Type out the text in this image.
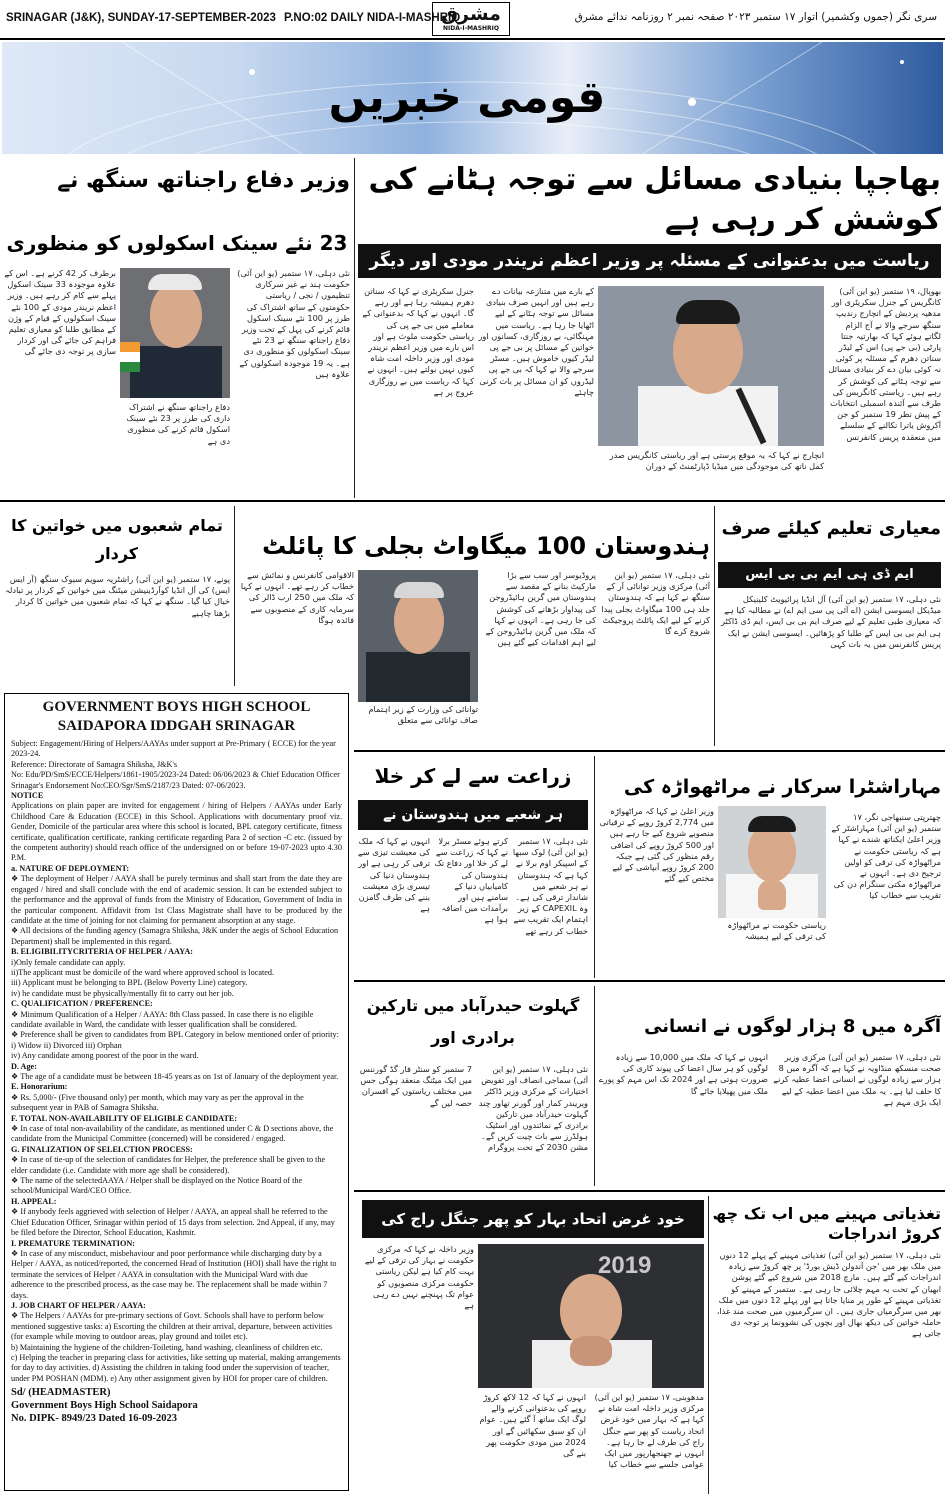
SRINAGAR (J&K), SUNDAY-17-SEPTEMBER-2023 P.NO:02 DAILY NIDA-I-MASHRIQ
مشرق
NIDA-I-MASHRIQ
سری نگر (جموں وکشمیر) اتوار ۱۷ ستمبر ۲۰۲۳ صفحہ نمبر ۲ روزنامہ ندائے مشرق
قومی خبریں
بھاجپا بنیادی مسائل سے توجہ ہٹانے کی کوشش کر رہی ہے
ریاست میں بدعنوانی کے مسئلہ پر وزیر اعظم نریندر مودی اور دیگر
بھوپال، ۱۹ ستمبر (یو این آئی) کانگریس کے جنرل سکریٹری اور مدھیہ پردیش کے انچارج رندیپ سنگھ سرجے والا نے آج الزام لگاتے ہوئے کہا کہ بھارتیہ جنتا پارٹی (بی جے پی) اس کے لیڈر سناتن دھرم کے مسئلہ پر کوئی نہ کوئی بیان دے کر بنیادی مسائل سے توجہ ہٹانے کی کوشش کر رہے ہیں۔ ریاستی کانگریس کی طرف سے آئندہ اسمبلی انتخابات کے پیش نظر 19 ستمبر کو جن آکروش یاترا نکالنے کے سلسلے میں منعقدہ پریس کانفرنس
انچارج نے کہا کہ یہ موقع پرستی ہے اور ریاستی کانگریس صدر کمل ناتھ کی موجودگی میں میڈیا ڈپارٹمنٹ کے دوران
کے بارے میں متنازعہ بیانات دے رہے ہیں اور انہیں صرف بنیادی مسائل سے توجہ ہٹانے کے لیے اٹھایا جا رہا ہے۔ ریاست میں مہنگائی، بے روزگاری، کسانوں اور خواتین کے مسائل پر بی جے پی لیڈر کیوں خاموش ہیں۔ مسٹر سرجے والا نے کہا کہ بی جے پی لیڈروں کو ان مسائل پر بات کرنی چاہئے
جنرل سکریٹری نے کہا کہ سناتن دھرم ہمیشہ رہا ہے اور رہے گا۔ انہوں نے کہا کہ بدعنوانی کے معاملے میں بی جے پی کی ریاستی حکومت ملوث ہے اور اس بارے میں وزیر اعظم نریندر مودی اور وزیر داخلہ امت شاہ کیوں نہیں بولتے ہیں۔ انہوں نے کہا کہ ریاست میں بے روزگاری عروج پر ہے
وزیر دفاع راجناتھ سنگھ نے
23 نئے سینک اسکولوں کو منظوری
نئی دہلی، ۱۷ ستمبر (یو این آئی) حکومت ہند نے غیر سرکاری تنظیموں / نجی / ریاستی حکومتوں کے ساتھ اشتراک کی طرز پر 100 نئے سینک اسکول قائم کرنے کی پہل کے تحت وزیر دفاع راجناتھ سنگھ نے 23 نئے سینک اسکولوں کو منظوری دی ہے۔ یہ 19 موجودہ اسکولوں کے علاوہ ہیں
دفاع راجناتھ سنگھ نے اشتراک داری کی طرز پر 23 نئے سینک اسکول قائم کرنے کی منظوری دی ہے
برطرف کر 42 کرنے ہے۔ اس کے علاوہ موجودہ 33 سینک اسکول پہلے سے کام کر رہے ہیں۔ وزیر اعظم نریندر مودی کے 100 نئے سینک اسکولوں کے قیام کے وژن کے مطابق طلبا کو معیاری تعلیم فراہم کی جائے گی اور کردار سازی پر توجہ دی جائے گی
تمام شعبوں میں خواتین کا کردار
پونے، ۱۷ ستمبر (یو این آئی) راشٹریہ سویم سیوک سنگھ (آر ایس ایس) کی آل انڈیا کوآرڈینیشن میٹنگ میں خواتین کے کردار پر تبادلہ خیال کیا گیا۔ سنگھ نے کہا کہ تمام شعبوں میں خواتین کا کردار بڑھنا چاہیے
ہندوستان 100 میگاواٹ بجلی کا پائلٹ
نئی دہلی، ۱۷ ستمبر (یو این آئی) مرکزی وزیر توانائی آر کے سنگھ نے کہا ہے کہ ہندوستان جلد ہی 100 میگاواٹ بجلی پیدا کرنے کے لیے ایک پائلٹ پروجیکٹ شروع کرے گا
پروڈیوسر اور سب سے بڑا مارکیٹ بنانے کے مقصد سے ہندوستان میں گرین ہائیڈروجن کی پیداوار بڑھانے کی کوشش کی جا رہی ہے۔ انہوں نے کہا کہ ملک میں گرین ہائیڈروجن کے لیے اہم اقدامات کیے گئے ہیں
الاقوامی کانفرنس و نمائش سے خطاب کر رہے تھے۔ انہوں نے کہا کہ ملک میں 250 ارب ڈالر کی سرمایہ کاری کے منصوبوں سے فائدہ ہوگا
توانائی کی وزارت کے زیر اہتمام صاف توانائی سے متعلق
معیاری تعلیم کیلئے صرف
ایم ڈی ہی ایم بی بی ایس
نئی دہلی، ۱۷ ستمبر (یو این آئی) آل انڈیا پرائیویٹ کلینیکل میڈیکل ایسوسی ایشن (اے آئی پی سی ایم اے) نے مطالبہ کیا ہے کہ معیاری طبی تعلیم کے لیے صرف ایم بی بی ایس، ایم ڈی ڈاکٹر ہی ایم بی بی ایس کے طلبا کو پڑھائیں۔ ایسوسی ایشن نے ایک پریس کانفرنس میں یہ بات کہی
GOVERNMENT BOYS HIGH SCHOOL
SAIDAPORA IDDGAH SRINAGAR
Subject: Engagement/Hiring of Helpers/AAYAs under support at Pre-Primary ( ECCE) for the year 2023-24.
Reference: Directorate of Samagra Shiksha, J&K's
No: Edu/PD/SmS/ECCE/Helpers/1861-1905/2023-24 Dated: 06/06/2023 & Chief Education Officer Srinagar's Endorsement No:CEO/Sgr/SmS/2187/23 Dated: 07-06/2023.
NOTICE
Applications on plain paper are invited for engagement / hiring of Helpers / AAYAs under Early Childhood Care & Education (ECCE) in this School. Applications with documentary proof viz. Gender, Domicile of the particular area where this school is located, BPL category certificate, fitness certificate, qualification certificate, ranking certificate regarding Para 2 of section -C etc. (issued by the competent authority) should reach office of the undersigned on or before 19-07-2023 upto 4.30 P.M.
a. NATURE OF DEPLOYMENT:
❖ The deployment of Helper / AAYA shall be purely terminus and shall start from the date they are engaged / hired and shall conclude with the end of academic session. It can be extended subject to the performance and the approval of funds from the Ministry of Education, Government of India in the particular component. Affidavit from 1st Class Magistrate shall have to be produced by the candidate at the time of joining for not claiming for permanent absorption at any stage.
❖ All decisions of the funding agency (Samagra Shiksha, J&K under the aegis of School Education Department) shall be implemented in this regard.
B. ELIGIBILITYCRITERIA OF HELPER / AAYA:
i)Only female candidate can apply.
ii)The applicant must be domicile of the ward where approved school is located.
iii) Applicant must be belonging to BPL (Below Poverty Line) category.
iv) he candidate must be physically/mentally fit to carry out her job.
C. QUALIFICATION / PREFERENCE:
❖ Minimum Qualification of a Helper / AAYA: 8th Class passed. In case there is no eligible candidate available in Ward, the candidate with lesser qualification shall be considered.
❖ Preference shall be given to candidates from BPL Category in below mentioned order of priority:
i) Widow ii) Divorced iii) Orphan
iv) Any candidate among poorest of the poor in the ward.
D. Age:
❖ The age of a candidate must be between 18-45 years as on 1st of January of the deployment year.
E. Honorarium:
❖ Rs. 5,000/- (Five thousand only) per month, which may vary as per the approval in the subsequent year in PAB of Samagra Shiksha.
F. TOTAL NON-AVAILABILITY OF ELIGIBLE CANDIDATE:
❖ In case of total non-availability of the candidate, as mentioned under C & D sections above, the candidate from the Municipal Committee (concerned) will be considered / engaged.
G. FINALIZATION OF SELELCTION PROCESS:
❖ In case of tie-up of the selection of candidates for Helper, the preference shall be given to the elder candidate (i.e. Candidate with more age shall be considered).
❖ The name of the selectedAAYA / Helper shall be displayed on the Notice Board of the school/Municipal Ward/CEO Office.
H. APPEAL:
❖ If anybody feels aggrieved with selection of Helper / AAYA, an appeal shall be referred to the Chief Education Officer, Srinagar within period of 15 days from selection. 2nd Appeal, if any, may be filed before the Director, School Education, Kashmir.
I. PREMATURE TERMINATION:
❖ In case of any misconduct, misbehaviour and poor performance while discharging duty by a Helper / AAYA, as noticed/reported, the concerned Head of Institution (HOI) shall have the right to terminate the services of Helper / AAYA in consultation with the Municipal Ward with due adherence to the prescribed process, as the case may be. The replacement shall be made within 7 days.
J. JOB CHART OF HELPER / AAYA:
❖ The Helpers / AAYAs for pre-primary sections of Govt. Schools shall have to perform below mentioned suggestive tasks: a) Escorting the children at their arrival, departure, between activities (for example while moving to outdoor areas, play ground and toilet etc).
b) Maintaining the hygiene of the children-Toileting, hand washing, cleanliness of children etc.
c) Helping the teacher in preparing class for activities, like setting up material, making arrangements for day to day activities. d) Assisting the children in taking food under the supervision of teacher, under PM POSHAN (MDM). e) Any other assignment given by HOI for proper care of children.
Sd/ (HEADMASTER)
Government Boys High School Saidapora
No. DIPK- 8949/23 Dated 16-09-2023
زراعت سے لے کر خلا
ہر شعبے میں ہندوستان نے
نئی دہلی، ۱۷ ستمبر (یو این آئی) لوک سبھا کے اسپیکر اوم برلا نے کہا ہے کہ ہندوستان نے ہر شعبے میں شاندار ترقی کی ہے۔ وہ CAPEXIL کے زیر اہتمام ایک تقریب سے خطاب کر رہے تھے
کرتے ہوئے مسٹر برلا نے کہا کہ زراعت سے لے کر خلا اور دفاع تک ہندوستان کی کامیابیاں دنیا کے سامنے ہیں اور برآمدات میں اضافہ ہوا ہے
انہوں نے کہا کہ ملک کی معیشت تیزی سے ترقی کر رہی ہے اور ہندوستان دنیا کی تیسری بڑی معیشت بننے کی طرف گامزن ہے
مہاراشٹرا سرکار نے مراٹھواڑہ کی
چھترپتی سنبھاجی نگر، ۱۷ ستمبر (یو این آئی) مہاراشٹر کے وزیر اعلیٰ ایکناتھ شندے نے کہا ہے کہ ریاستی حکومت نے مراٹھواڑہ کی ترقی کو اولین ترجیح دی ہے۔ انہوں نے مراٹھواڑہ مکتی سنگرام دن کی تقریب سے خطاب کیا
ریاستی حکومت نے مراٹھواڑہ کی ترقی کے لیے ہمیشہ
وزیر اعلیٰ نے کہا کہ مراٹھواڑہ میں 2,774 کروڑ روپے کے ترقیاتی منصوبے شروع کیے جا رہے ہیں اور 500 کروڑ روپے کی اضافی رقم منظور کی گئی ہے جبکہ 200 کروڑ روپے آبپاشی کے لیے مختص کیے گئے
گہلوت حیدرآباد میں تارکین برادری اور
نئی دہلی، ۱۷ ستمبر (یو این آئی) سماجی انصاف اور تفویض اختیارات کے مرکزی وزیر ڈاکٹر ویریندر کمار اور گورنر تھاور چند گہلوت حیدرآباد میں تارکین برادری کے نمائندوں اور اسٹیک ہولڈرز سے بات چیت کریں گے۔ مشن 2030 کے تحت پروگرام
7 ستمبر کو سنٹر فار گڈ گورننس میں ایک میٹنگ منعقد ہوگی جس میں مختلف ریاستوں کے افسران حصہ لیں گے
آگرہ میں 8 ہزار لوگوں نے انسانی
نئی دہلی، ۱۷ ستمبر (یو این آئی) مرکزی وزیر صحت منسکھ منڈاویہ نے کہا ہے کہ آگرہ میں 8 ہزار سے زیادہ لوگوں نے انسانی اعضا عطیہ کرنے کا حلف لیا ہے۔ یہ ملک میں اعضا عطیہ کے لیے ایک بڑی مہم ہے
انہوں نے کہا کہ ملک میں 10,000 سے زیادہ لوگوں کو ہر سال اعضا کی پیوند کاری کی ضرورت ہوتی ہے اور 2024 تک اس مہم کو پورے ملک میں پھیلایا جائے گا
خود غرض اتحاد بہار کو پھر جنگل راج کی
2019
مدھوبنی، ۱۷ ستمبر (یو این آئی) مرکزی وزیر داخلہ امت شاہ نے کہا ہے کہ بہار میں خود غرض اتحاد ریاست کو پھر سے جنگل راج کی طرف لے جا رہا ہے۔ انہوں نے جھنجھارپور میں ایک عوامی جلسے سے خطاب کیا
انہوں نے کہا کہ 12 لاکھ کروڑ روپے کی بدعنوانی کرنے والے لوگ ایک ساتھ آ گئے ہیں۔ عوام ان کو سبق سکھائیں گے اور 2024 میں مودی حکومت پھر بنے گی
وزیر داخلہ نے کہا کہ مرکزی حکومت نے بہار کی ترقی کے لیے بہت کام کیا ہے لیکن ریاستی حکومت مرکزی منصوبوں کو عوام تک پہنچنے نہیں دے رہی ہے
تغذیاتی مہینے میں اب تک چھ کروڑ اندراجات
نئی دہلی، ۱۷ ستمبر (یو این آئی) تغذیاتی مہینے کے پہلے 12 دنوں میں ملک بھر میں 'جن آندولن ڈیش بورڈ' پر چھ کروڑ سے زیادہ اندراجات کیے گئے ہیں۔ مارچ 2018 میں شروع کیے گئے پوشن ابھیان کے تحت یہ مہم چلائی جا رہی ہے۔ ستمبر کے مہینے کو تغذیاتی مہینے کے طور پر منایا جاتا ہے اور پہلے 12 دنوں میں ملک بھر میں سرگرمیاں جاری ہیں۔ ان سرگرمیوں میں صحت مند غذا، حاملہ خواتین کی دیکھ بھال اور بچوں کی نشوونما پر توجہ دی جاتی ہے
